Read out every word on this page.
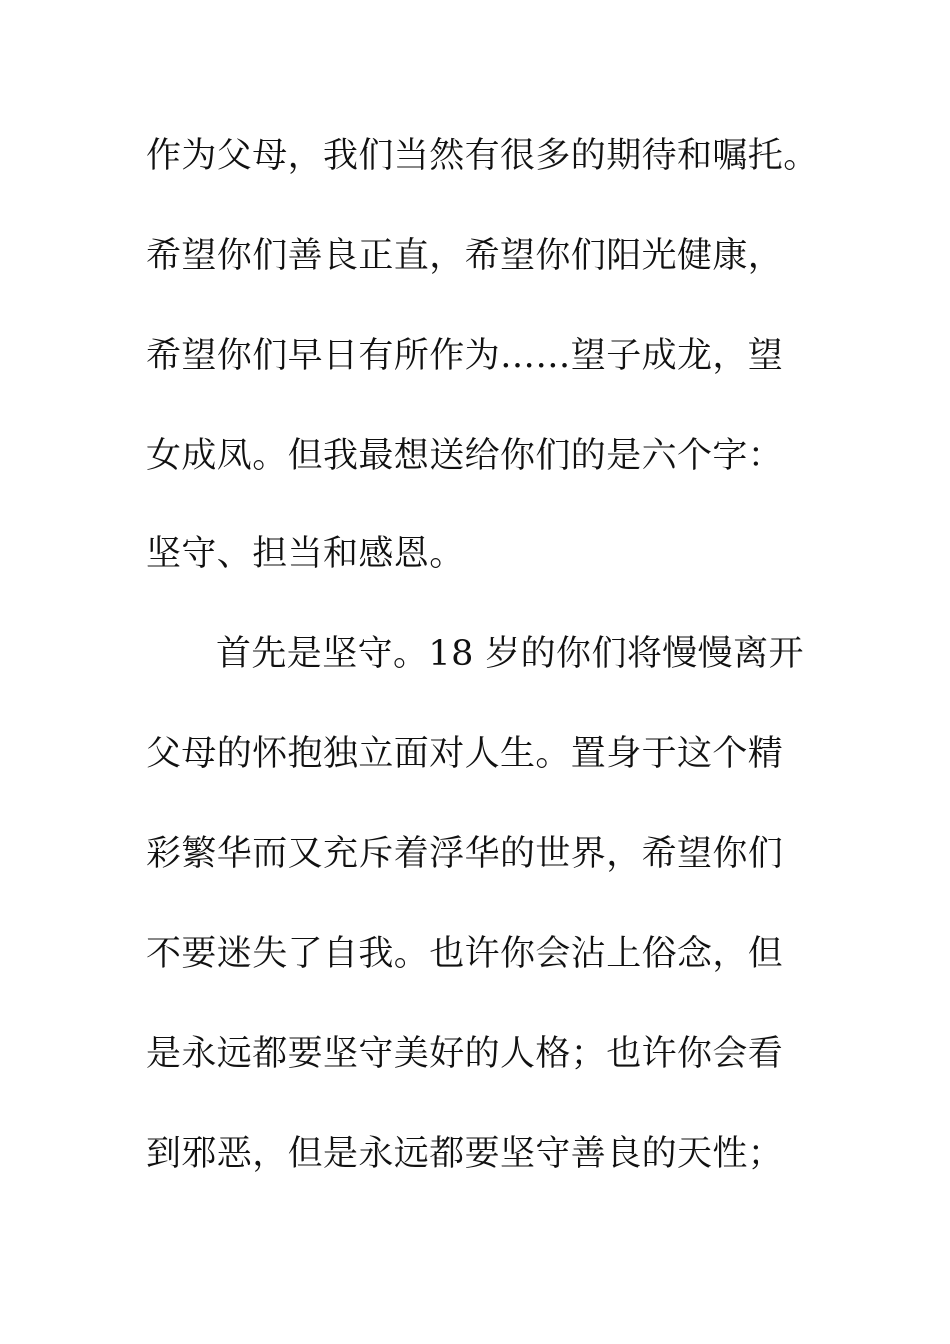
作为父母，我们当然有很多的期待和嘱托。
希望你们善良正直，希望你们阳光健康，
希望你们早日有所作为……望子成龙，望
女成凤。但我最想送给你们的是六个字：
坚守、担当和感恩。
首先是坚守。18 岁的你们将慢慢离开
父母的怀抱独立面对人生。置身于这个精
彩繁华而又充斥着浮华的世界，希望你们
不要迷失了自我。也许你会沾上俗念，但
是永远都要坚守美好的人格；也许你会看
到邪恶，但是永远都要坚守善良的天性；
